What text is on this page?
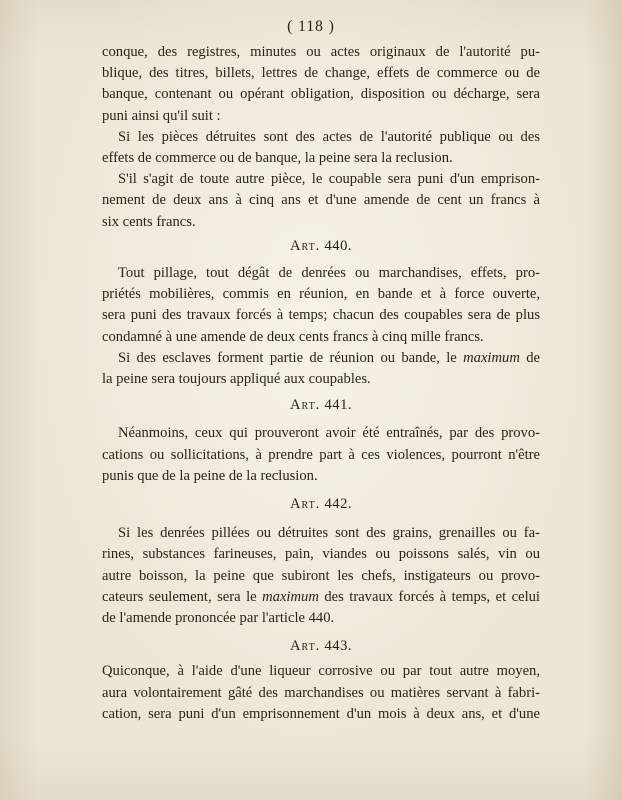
( 118 )

conque, des registres, minutes ou actes originaux de l'autorité pu-

blique, des titres, billets, lettres de change, effets de commerce ou de

banque, contenant ou opérant obligation, disposition ou décharge, sera

puni ainsi qu'il suit :

Si les pièces détruites sont des actes de l'autorité publique ou des

effets de commerce ou de banque, la peine sera la reclusion.

S'il s'agit de toute autre pièce, le coupable sera puni d'un emprison-

nement de deux ans à cinq ans et d'une amende de cent un francs à

six cents francs.

Art. 440.

Tout pillage, tout dégât de denrées ou marchandises, effets, pro-

priétés mobilières, commis en réunion, en bande et à force ouverte,

sera puni des travaux forcés à temps; chacun des coupables sera de plus

condamné à une amende de deux cents francs à cinq mille francs.

Si des esclaves forment partie de réunion ou bande, le maximum de

la peine sera toujours appliqué aux coupables.

Art. 441.

Néanmoins, ceux qui prouveront avoir été entraînés, par des provo-

cations ou sollicitations, à prendre part à ces violences, pourront n'être

punis que de la peine de la reclusion.

Art. 442.

Si les denrées pillées ou détruites sont des grains, grenailles ou fa-

rines, substances farineuses, pain, viandes ou poissons salés, vin ou

autre boisson, la peine que subiront les chefs, instigateurs ou provo-

cateurs seulement, sera le maximum des travaux forcés à temps, et celui

de l'amende prononcée par l'article 440.

Art. 443.

Quiconque, à l'aide d'une liqueur corrosive ou par tout autre moyen,

aura volontairement gâté des marchandises ou matières servant à fabri-

cation, sera puni d'un emprisonnement d'un mois à deux ans, et d'une
